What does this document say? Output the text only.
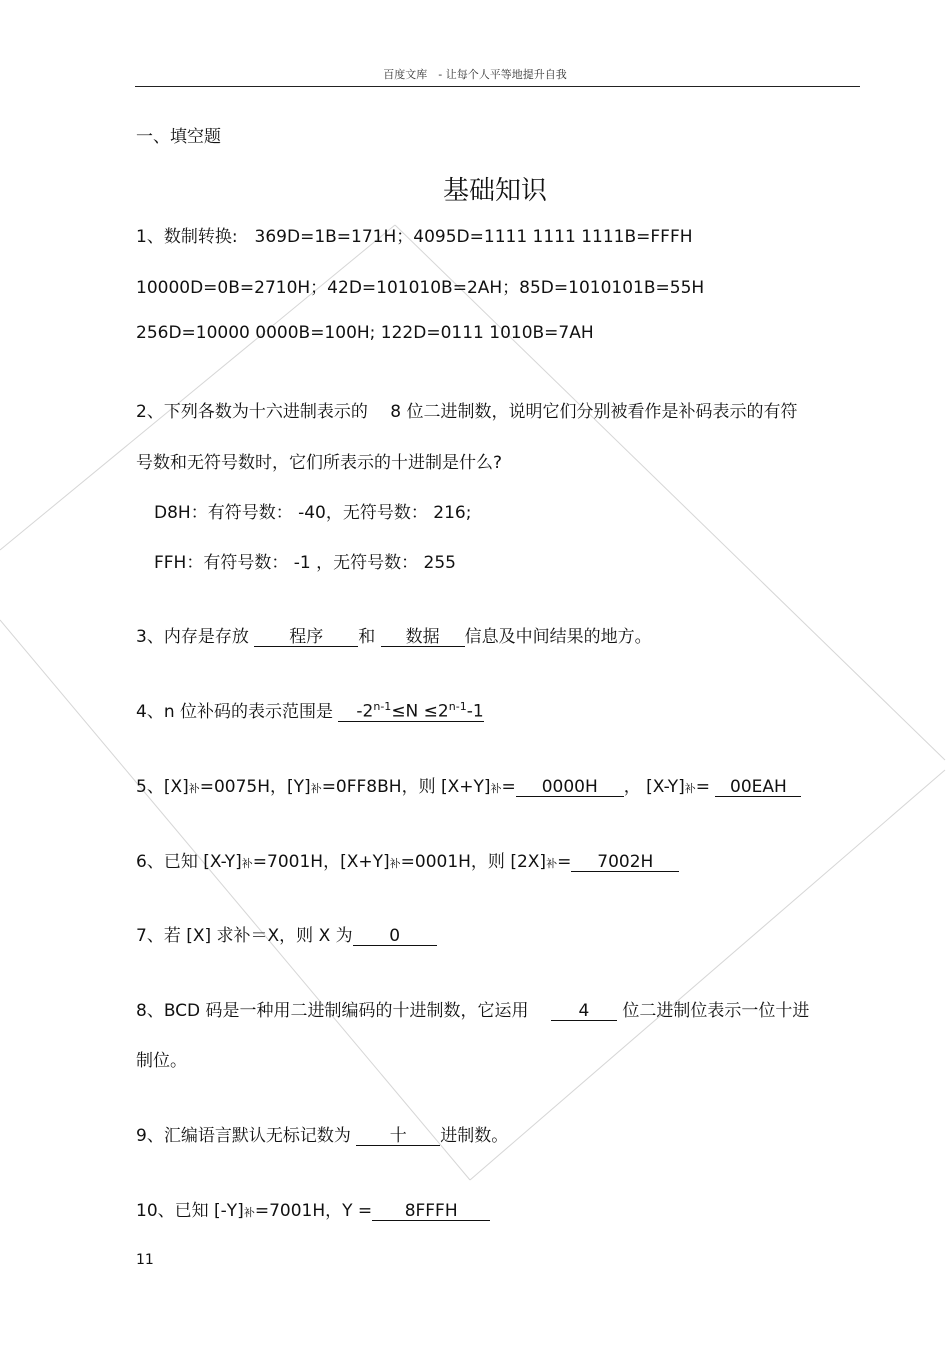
百度文库　- 让每个人平等地提升自我
一、填空题
基础知识
1、数制转换:　369D=1B=171H；4095D=1111 1111 1111B=FFFH
10000D=0B=2710H；42D=101010B=2AH；85D=1010101B=55H
256D=10000 0000B=100H; 122D=0111 1010B=7AH
2、下列各数为十六进制表示的　 8 位二进制数，说明它们分别被看作是补码表示的有符
号数和无符号数时，它们所表示的十进制是什么?
D8H：有符号数： -40，无符号数： 216;
FFH：有符号数： -1 ，无符号数： 255
3、内存是存放 程序 和 数据 信息及中间结果的地方。
4、n 位补码的表示范围是 $-2^{n-1}\le N \le 2^{n-1}-1$
5、[X]补=0075H，[Y]补=0FF8BH，则 [X+Y]补= 0000H ， [X-Y]补= 00EAH
6、已知 [X-Y]补=7001H，[X+Y]补=0001H，则 [2X]补= 7002H
7、若 [X] 求补＝X，则 X 为 0
8、BCD 码是一种用二进制编码的十进制数，它运用　 4 位二进制位表示一位十进
制位。
9、汇编语言默认无标记数为 十 进制数。
10、已知 [-Y]补=7001H，Y = 8FFFH
11
